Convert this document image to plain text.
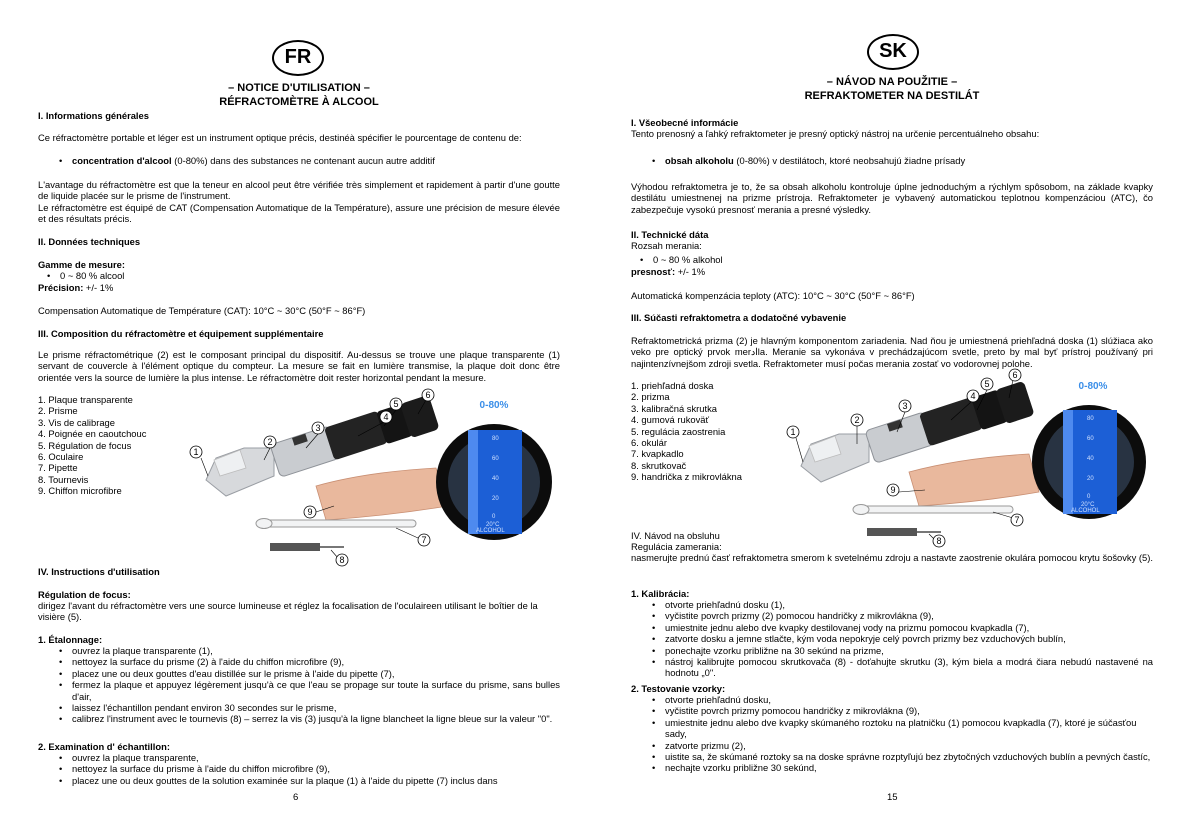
FR
– NOTICE D'UTILISATION –
RÉFRACTOMÈTRE À ALCOOL
I. Informations générales
Ce réfractomètre portable et léger est un instrument optique précis, destinéà spécifier le pourcentage de contenu de:
• concentration d'alcool (0-80%) dans des substances ne contenant aucun autre additif
L'avantage du réfractomètre est que la teneur en alcool peut être vérifiée très simplement et rapidement à partir d'une goutte de liquide placée sur le prisme de l'instrument.
Le réfractomètre est équipé de CAT (Compensation Automatique de la Température), assure une précision de mesure élevée et des résultats précis.
II. Données techniques
Gamme de mesure:
• 0 ~ 80 % alcool
Précision: +/- 1%
Compensation Automatique de Température (CAT): 10°C ~ 30°C (50°F ~ 86°F)
III. Composition du réfractomètre et équipement supplémentaire
Le prisme réfractométrique (2) est le composant principal du dispositif. Au-dessus se trouve une plaque transparente (1) servant de couvercle à l'élément optique du compteur. La mesure se fait en lumière transmise, la plaque doit donc être orientée vers la source de lumière la plus intense. Le réfractomètre doit rester horizontal pendant la mesure.
1. Plaque transparente
2. Prisme
3. Vis de calibrage
4. Poignée en caoutchouc
5. Régulation de focus
6. Oculaire
7. Pipette
8. Tournevis
9. Chiffon microfibre
IV. Instructions d'utilisation
Régulation de focus:
dirigez l'avant du réfractomètre vers une source lumineuse et réglez la focalisation de l'oculaireen utilisant le boîtier de la visière (5).
1. Étalonnage:
• ouvrez la plaque transparente (1),
• nettoyez la surface du prisme (2) à l'aide du chiffon microfibre (9),
• placez une ou deux gouttes d'eau distillée sur le prisme à l'aide du pipette (7),
• fermez la plaque et appuyez légèrement jusqu'à ce que l'eau se propage sur toute la surface du prisme, sans bulles d'air,
• laissez l'échantillon pendant environ 30 secondes sur le prisme,
• calibrez l'instrument avec le tournevis (8) – serrez la vis (3) jusqu'à la ligne blancheet la ligne bleue sur la valeur "0".
2. Examination d' échantillon:
• ouvrez la plaque transparente,
• nettoyez la surface du prisme à l'aide du chiffon microfibre (9),
• placez une ou deux gouttes de la solution examinée sur la plaque (1) à l'aide du pipette (7) inclus dans
6
1
2
3
4
5
6
7
8
9
0-80%
80
60
40
20
0
20°C
ALCOHOL
SK
– NÁVOD NA POUŽITIE –
REFRAKTOMETER NA DESTILÁT
I. Všeobecné informácie
Tento prenosný a ľahký refraktometer je presný optický nástroj na určenie percentuálneho obsahu:
• obsah alkoholu (0-80%) v destilátoch, ktoré neobsahujú žiadne prísady
Výhodou refraktometra je to, že sa obsah alkoholu kontroluje úplne jednoduchým a rýchlym spôsobom, na základe kvapky destilátu umiestnenej na prizme prístroja. Refraktometer je vybavený automatickou teplotnou kompenzáciou (ATC), čo zabezpečuje vysokú presnosť merania a presné výsledky.
II. Technické dáta
Rozsah merania:
• 0 ~ 80 % alkohol
presnosť: +/- 1%
Automatická kompenzácia teploty (ATC): 10°C ~ 30°C (50°F ~ 86°F)
III. Súčasti refraktometra a dodatočné vybavenie
Refraktometrická prizma (2) je hlavným komponentom zariadenia. Nad ňou je umiestnená priehľadná doska (1) slúžiaca ako veko pre optický prvok merادla. Meranie sa vykonáva v prechádzajúcom svetle, preto by mal byť prístroj používaný pri najintenzívnejšom zdroji svetla. Refraktometer musí počas merania zostať vo vodorovnej polohe.
1. priehľadná doska
2. prizma
3. kalibračná skrutka
4. gumová rukoväť
5. regulácia zaostrenia
6. okulár
7. kvapkadlo
8. skrutkovač
9. handrička z mikrovlákna
IV. Návod na obsluhu
Regulácia zamerania:
nasmerujte prednú časť refraktometra smerom k svetelnému zdroju a nastavte zaostrenie okulára pomocou krytu šošovky (5).
1. Kalibrácia:
• otvorte priehľadnú dosku (1),
• vyčistite povrch prizmy (2) pomocou handričky z mikrovlákna (9),
• umiestnite jednu alebo dve kvapky destilovanej vody na prizmu pomocou kvapkadla (7),
• zatvorte dosku a jemne stlačte, kým voda nepokryje celý povrch prizmy bez vzduchových bublín,
• ponechajte vzorku približne na 30 sekúnd na prizme,
• nástroj kalibrujte pomocou skrutkovača (8) - doťahujte skrutku (3), kým biela a modrá čiara nebudú nastavené na hodnotu „0".
2. Testovanie vzorky:
• otvorte priehľadnú dosku,
• vyčistite povrch prizmy pomocou handričky z mikrovlákna (9),
• umiestnite jednu alebo dve kvapky skúmaného roztoku na platničku (1) pomocou kvapkadla (7), ktoré je súčasťou sady,
• zatvorte prizmu (2),
• uistite sa, že skúmané roztoky sa na doske správne rozptyľujú bez zbytočných vzduchových bublín a pevných častíc,
• nechajte vzorku približne 30 sekúnd,
15
1
2
3
4
5
6
7
8
9
0-80%
80
60
40
20
0
20°C
ALCOHOL
